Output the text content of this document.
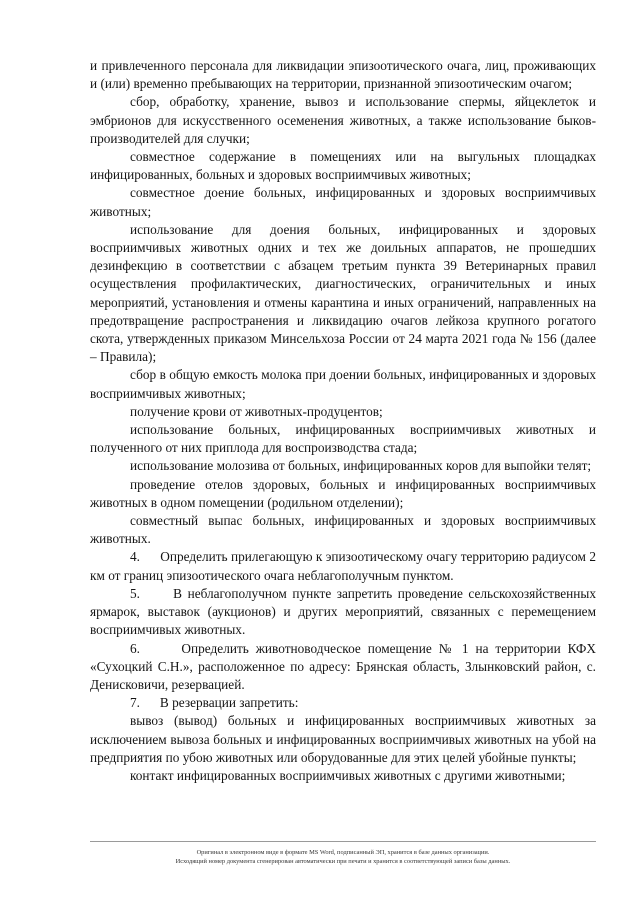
и привлеченного персонала для ликвидации эпизоотического очага, лиц, проживающих и (или) временно пребывающих на территории, признанной эпизоотическим очагом;

сбор, обработку, хранение, вывоз и использование спермы, яйцеклеток и эмбрионов для искусственного осеменения животных, а также использование быков-производителей для случки;

совместное содержание в помещениях или на выгульных площадках инфицированных, больных и здоровых восприимчивых животных;

совместное доение больных, инфицированных и здоровых восприимчивых животных;

использование для доения больных, инфицированных и здоровых восприимчивых животных одних и тех же доильных аппаратов, не прошедших дезинфекцию в соответствии с абзацем третьим пункта 39 Ветеринарных правил осуществления профилактических, диагностических, ограничительных и иных мероприятий, установления и отмены карантина и иных ограничений, направленных на предотвращение распространения и ликвидацию очагов лейкоза крупного рогатого скота, утвержденных приказом Минсельхоза России от 24 марта 2021 года № 156 (далее – Правила);

сбор в общую емкость молока при доении больных, инфицированных и здоровых восприимчивых животных;

получение крови от животных-продуцентов;

использование больных, инфицированных восприимчивых животных и полученного от них приплода для воспроизводства стада;

использование молозива от больных, инфицированных коров для выпойки телят;

проведение отелов здоровых, больных и инфицированных восприимчивых животных в одном помещении (родильном отделении);

совместный выпас больных, инфицированных и здоровых восприимчивых животных.

4.      Определить прилегающую к эпизоотическому очагу территорию радиусом 2 км от границ эпизоотического очага неблагополучным пунктом.

5.      В неблагополучном пункте запретить проведение сельскохозяйственных ярмарок, выставок (аукционов) и других мероприятий, связанных с перемещением восприимчивых животных.

6.      Определить животноводческое помещение № 1 на территории КФХ «Сухоцкий С.Н.», расположенное по адресу: Брянская область, Злынковский район, с. Денисковичи, резервацией.

7.      В резервации запретить:

вывоз (вывод) больных и инфицированных восприимчивых животных за исключением вывоза больных и инфицированных восприимчивых животных на убой на предприятия по убою животных или оборудованные для этих целей убойные пункты;

контакт инфицированных восприимчивых животных с другими животными;

Оригинал в электронном виде в формате MS Word, подписанный ЭП, хранится в базе данных организации.
Исходящий номер документа сгенерирован автоматически при печати и хранится в соответствующей записи базы данных.
